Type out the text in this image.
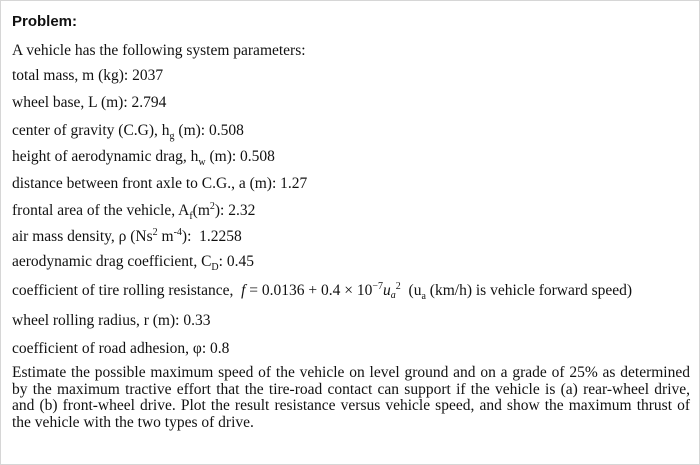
Problem:
A vehicle has the following system parameters:
total mass, m (kg): 2037
wheel base, L (m): 2.794
center of gravity (C.G), $h_g$ (m): 0.508
height of aerodynamic drag, $h_w$ (m): 0.508
distance between front axle to C.G., a (m): 1.27
frontal area of the vehicle, $A_f(m^2)$: 2.32
air mass density, ρ (Ns$^2$ $m^{-4}$): 1.2258
aerodynamic drag coefficient, $C_D$: 0.45
coefficient of tire rolling resistance, $f = 0.0136 + 0.4 \times 10^{-7}ua^2$ ($u_a$ (km/h) is vehicle forward speed)
wheel rolling radius, r (m): 0.33
coefficient of road adhesion, φ: 0.8
Estimate the possible maximum speed of the vehicle on level ground and on a grade of 25% as determined by the maximum tractive effort that the tire-road contact can support if the vehicle is (a) rear-wheel drive, and (b) front-wheel drive. Plot the result resistance versus vehicle speed, and show the maximum thrust of the vehicle with the two types of drive.
